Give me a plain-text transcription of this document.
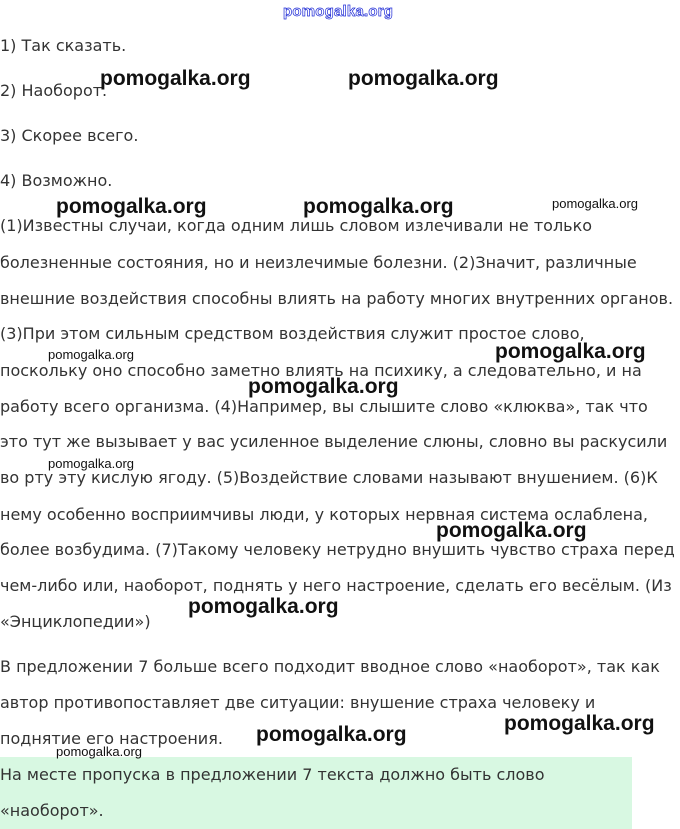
pomogalka.org
1) Так сказать.
2) Наоборот.
3) Скорее всего.
4) Возможно.
(1)Известны случаи, когда одним лишь словом излечивали не только
болезненные состояния, но и неизлечимые болезни. (2)Значит, различные
внешние воздействия способны влиять на работу многих внутренних органов.
(3)При этом сильным средством воздействия служит простое слово,
поскольку оно способно заметно влиять на психику, а следовательно, и на
работу всего организма. (4)Например, вы слышите слово «клюква», так что
это тут же вызывает у вас усиленное выделение слюны, словно вы раскусили
во рту эту кислую ягоду. (5)Воздействие словами называют внушением. (6)К
нему особенно восприимчивы люди, у которых нервная система ослаблена,
более возбудима. (7)Такому человеку нетрудно внушить чувство страха перед
чем-либо или, наоборот, поднять у него настроение, сделать его весёлым. (Из
«Энциклопедии»)
В предложении 7 больше всего подходит вводное слово «наоборот», так как
автор противопоставляет две ситуации: внушение страха человеку и
поднятие его настроения.
На месте пропуска в предложении 7 текста должно быть слово
«наоборот».
pomogalka.org	pomogalka.org
pomogalka.org	pomogalka.org	pomogalka.org
pomogalka.org	pomogalka.org
pomogalka.org
pomogalka.org
pomogalka.org
pomogalka.org
pomogalka.org
pomogalka.org
pomogalka.org
